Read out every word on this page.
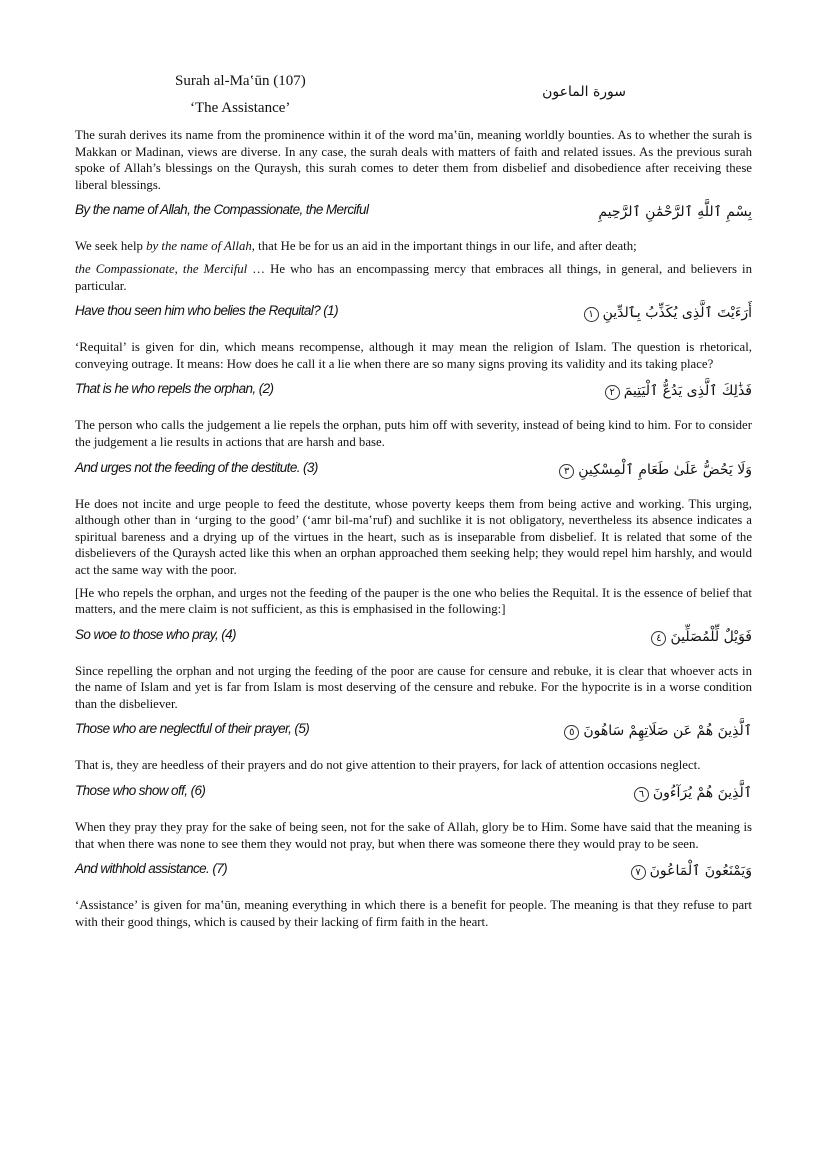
Surah al-Ma‛ūn (107)
‘The Assistance’
سورة الماعون

The surah derives its name from the prominence within it of the word ma‛ūn, meaning worldly bounties. As to whether the surah is Makkan or Madinan, views are diverse. In any case, the surah deals with matters of faith and related issues. As the previous surah spoke of Allah’s blessings on the Quraysh, this surah comes to deter them from disbelief and disobedience after receiving these liberal blessings.

By the name of Allah, the Compassionate, the Merciful	بِسْمِ ٱللَّهِ ٱلرَّحْمَٰنِ ٱلرَّحِيمِ

We seek help by the name of Allah, that He be for us an aid in the important things in our life, and after death;

the Compassionate, the Merciful … He who has an encompassing mercy that embraces all things, in general, and believers in particular.

Have thou seen him who belies the Requital? (1)	أَرَءَيْتَ ٱلَّذِى يُكَذِّبُ بِٱلدِّينِ١

‘Requital’ is given for din, which means recompense, although it may mean the religion of Islam. The question is rhetorical, conveying outrage. It means: How does he call it a lie when there are so many signs proving its validity and its taking place?

That is he who repels the orphan, (2)	فَذَٰلِكَ ٱلَّذِى يَدُعُّ ٱلْيَتِيمَ٢

The person who calls the judgement a lie repels the orphan, puts him off with severity, instead of being kind to him. For to consider the judgement a lie results in actions that are harsh and base.

And urges not the feeding of the destitute. (3)	وَلَا يَحُضُّ عَلَىٰ طَعَامِ ٱلْمِسْكِينِ٣

He does not incite and urge people to feed the destitute, whose poverty keeps them from being active and working. This urging, although other than in ‘urging to the good’ (‘amr bil-ma‛ruf) and suchlike it is not obligatory, nevertheless its absence indicates a spiritual bareness and a drying up of the virtues in the heart, such as is inseparable from disbelief. It is related that some of the disbelievers of the Quraysh acted like this when an orphan approached them seeking help; they would repel him harshly, and would act the same way with the poor.

[He who repels the orphan, and urges not the feeding of the pauper is the one who belies the Requital. It is the essence of belief that matters, and the mere claim is not sufficient, as this is emphasised in the following:]

So woe to those who pray, (4)	فَوَيْلٌ لِّلْمُصَلِّينَ٤

Since repelling the orphan and not urging the feeding of the poor are cause for censure and rebuke, it is clear that whoever acts in the name of Islam and yet is far from Islam is most deserving of the censure and rebuke. For the hypocrite is in a worse condition than the disbeliever.

Those who are neglectful of their prayer, (5)	ٱلَّذِينَ هُمْ عَن صَلَاتِهِمْ سَاهُونَ٥

That is, they are heedless of their prayers and do not give attention to their prayers, for lack of attention occasions neglect.

Those who show off, (6)	ٱلَّذِينَ هُمْ يُرَآءُونَ٦

When they pray they pray for the sake of being seen, not for the sake of Allah, glory be to Him. Some have said that the meaning is that when there was none to see them they would not pray, but when there was someone there they would pray to be seen.

And withhold assistance. (7)	وَيَمْنَعُونَ ٱلْمَاعُونَ٧

‘Assistance’ is given for ma‛ūn, meaning everything in which there is a benefit for people. The meaning is that they refuse to part with their good things, which is caused by their lacking of firm faith in the heart.
